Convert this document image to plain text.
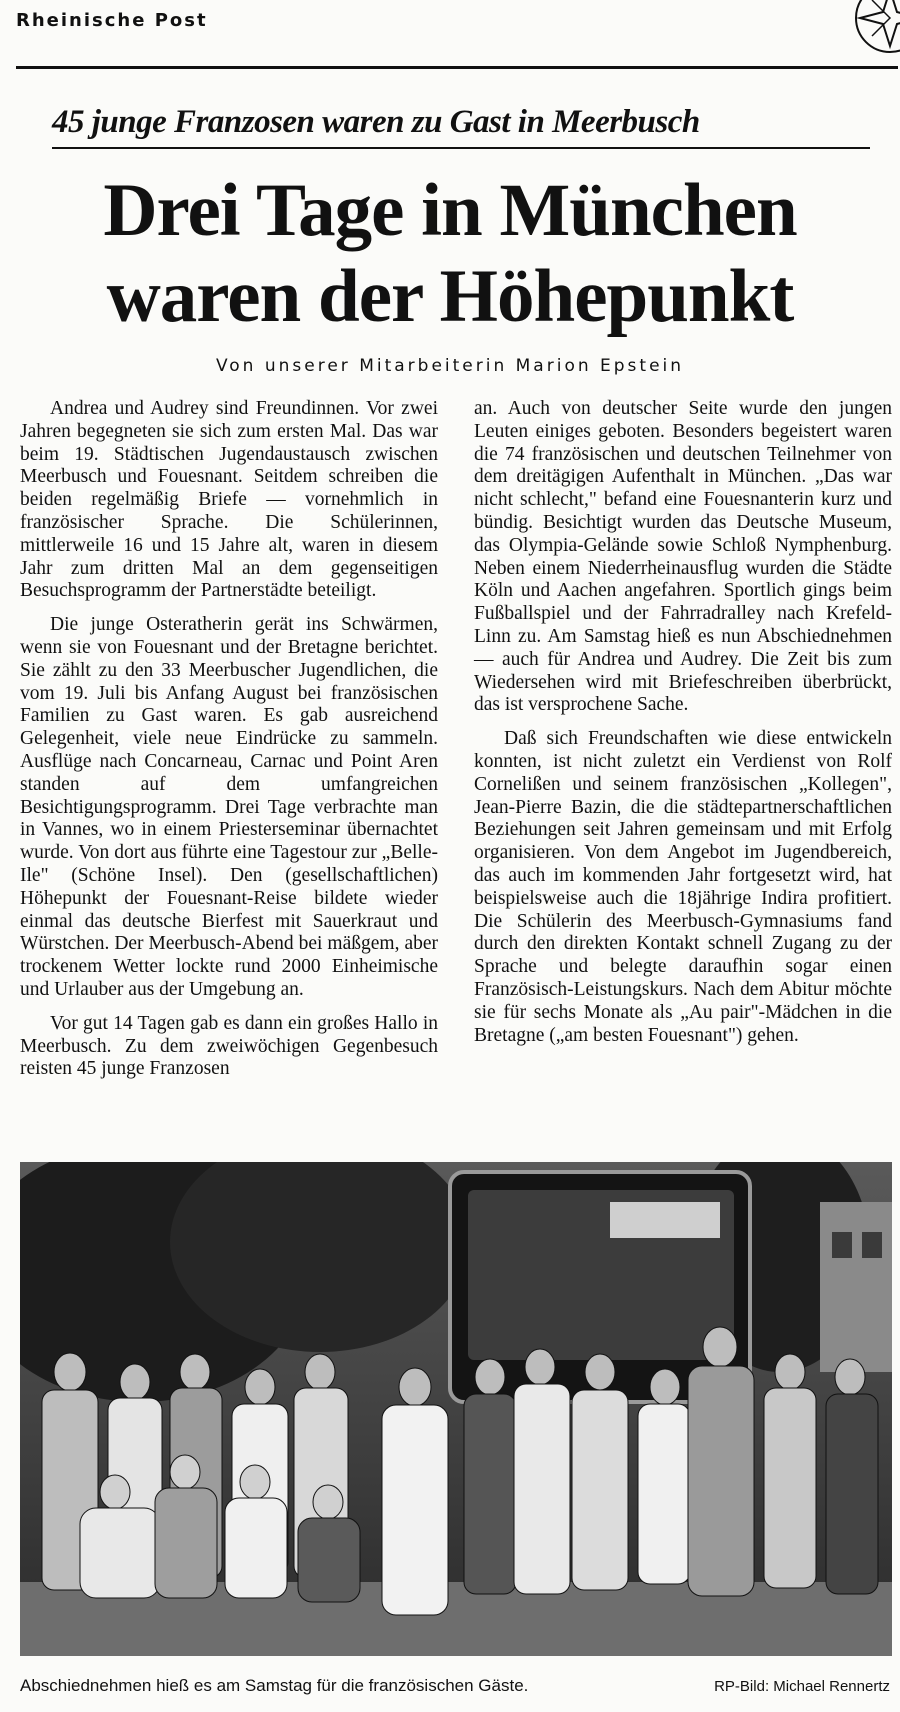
Rheinische Post
45 junge Franzosen waren zu Gast in Meerbusch
Drei Tage in München
waren der Höhepunkt
Von unserer Mitarbeiterin Marion Epstein

Andrea und Audrey sind Freundinnen. Vor zwei Jahren begegneten sie sich zum ersten Mal. Das war beim 19. Städtischen Jugendaustausch zwischen Meerbusch und Fouesnant. Seitdem schreiben die beiden regelmäßig Briefe — vornehmlich in französischer Sprache. Die Schülerinnen, mittlerweile 16 und 15 Jahre alt, waren in diesem Jahr zum dritten Mal an dem gegenseitigen Besuchsprogramm der Partnerstädte beteiligt.

Die junge Osteratherin gerät ins Schwärmen, wenn sie von Fouesnant und der Bretagne berichtet. Sie zählt zu den 33 Meerbuscher Jugendlichen, die vom 19. Juli bis Anfang August bei französischen Familien zu Gast waren. Es gab ausreichend Gelegenheit, viele neue Eindrücke zu sammeln. Ausflüge nach Concarneau, Carnac und Point Aren standen auf dem umfangreichen Besichtigungsprogramm. Drei Tage verbrachte man in Vannes, wo in einem Priesterseminar übernachtet wurde. Von dort aus führte eine Tagestour zur „Belle-Ile" (Schöne Insel). Den (gesellschaftlichen) Höhepunkt der Fouesnant-Reise bildete wieder einmal das deutsche Bierfest mit Sauerkraut und Würstchen. Der Meerbusch-Abend bei mäßgem, aber trockenem Wetter lockte rund 2000 Einheimische und Urlauber aus der Umgebung an.

Vor gut 14 Tagen gab es dann ein großes Hallo in Meerbusch. Zu dem zweiwöchigen Gegenbesuch reisten 45 junge Franzosen

an. Auch von deutscher Seite wurde den jungen Leuten einiges geboten. Besonders begeistert waren die 74 französischen und deutschen Teilnehmer von dem dreitägigen Aufenthalt in München. „Das war nicht schlecht," befand eine Fouesnanterin kurz und bündig. Besichtigt wurden das Deutsche Museum, das Olympia-Gelände sowie Schloß Nymphenburg. Neben einem Niederrheinausflug wurden die Städte Köln und Aachen angefahren. Sportlich gings beim Fußballspiel und der Fahrradralley nach Krefeld-Linn zu. Am Samstag hieß es nun Abschiednehmen — auch für Andrea und Audrey. Die Zeit bis zum Wiedersehen wird mit Briefeschreiben überbrückt, das ist versprochene Sache.

Daß sich Freundschaften wie diese entwickeln konnten, ist nicht zuletzt ein Verdienst von Rolf Cornelißen und seinem französischen „Kollegen", Jean-Pierre Bazin, die die städtepartnerschaftlichen Beziehungen seit Jahren gemeinsam und mit Erfolg organisieren. Von dem Angebot im Jugendbereich, das auch im kommenden Jahr fortgesetzt wird, hat beispielsweise auch die 18jährige Indira profitiert. Die Schülerin des Meerbusch-Gymnasiums fand durch den direkten Kontakt schnell Zugang zu der Sprache und belegte daraufhin sogar einen Französisch-Leistungskurs. Nach dem Abitur möchte sie für sechs Monate als „Au pair"-Mädchen in die Bretagne („am besten Fouesnant") gehen.

Abschiednehmen hieß es am Samstag für die französischen Gäste.	RP-Bild: Michael Rennertz
